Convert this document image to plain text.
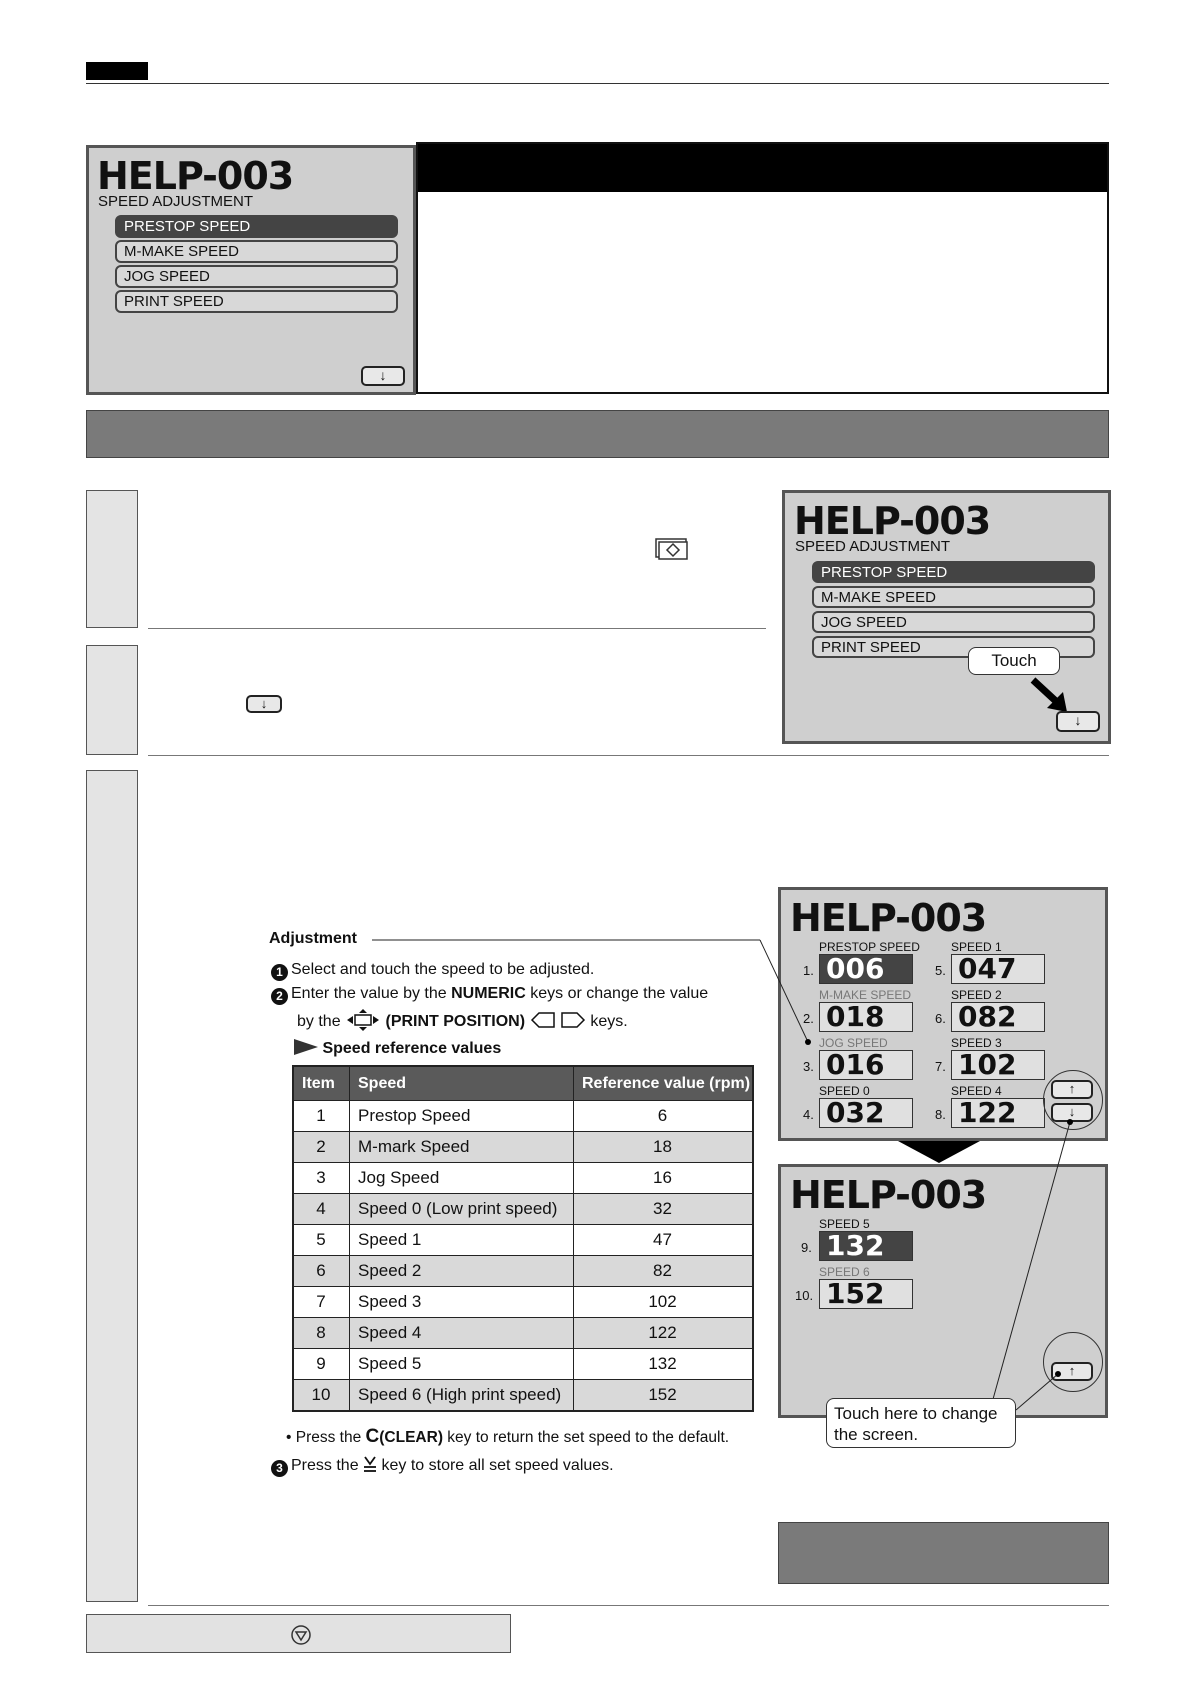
HELP-003
SPEED ADJUSTMENT
PRESTOP SPEED
M-MAKE SPEED
JOG SPEED
PRINT SPEED
↓
↓
HELP-003
SPEED ADJUSTMENT
PRESTOP SPEED
M-MAKE SPEED
JOG SPEED
PRINT SPEED
Touch
↓
HELP-003
PRESTOP SPEED
1. 006
M-MAKE SPEED
2. 018
JOG SPEED
3. 016
SPEED 0
4. 032
SPEED 1
5. 047
SPEED 2
6. 082
SPEED 3
7. 102
SPEED 4
8. 122
↑
↓
HELP-003
SPEED 5
9. 132
SPEED 6
10. 152
↑
Touch here to change
the screen.
Adjustment
1 Select and touch the speed to be adjusted.
2 Enter the value by the NUMERIC keys or change the value
by the	(PRINT POSITION)	keys.
Speed reference values
Item	Speed	Reference value (rpm)
1	Prestop Speed	6
2	M-mark Speed	18
3	Jog Speed	16
4	Speed 0 (Low print speed)	32
5	Speed 1	47
6	Speed 2	82
7	Speed 3	102
8	Speed 4	122
9	Speed 5	132
10	Speed 6 (High print speed)	152
• Press the C(CLEAR) key to return the set speed to the default.
3 Press the  key to store all set speed values.
